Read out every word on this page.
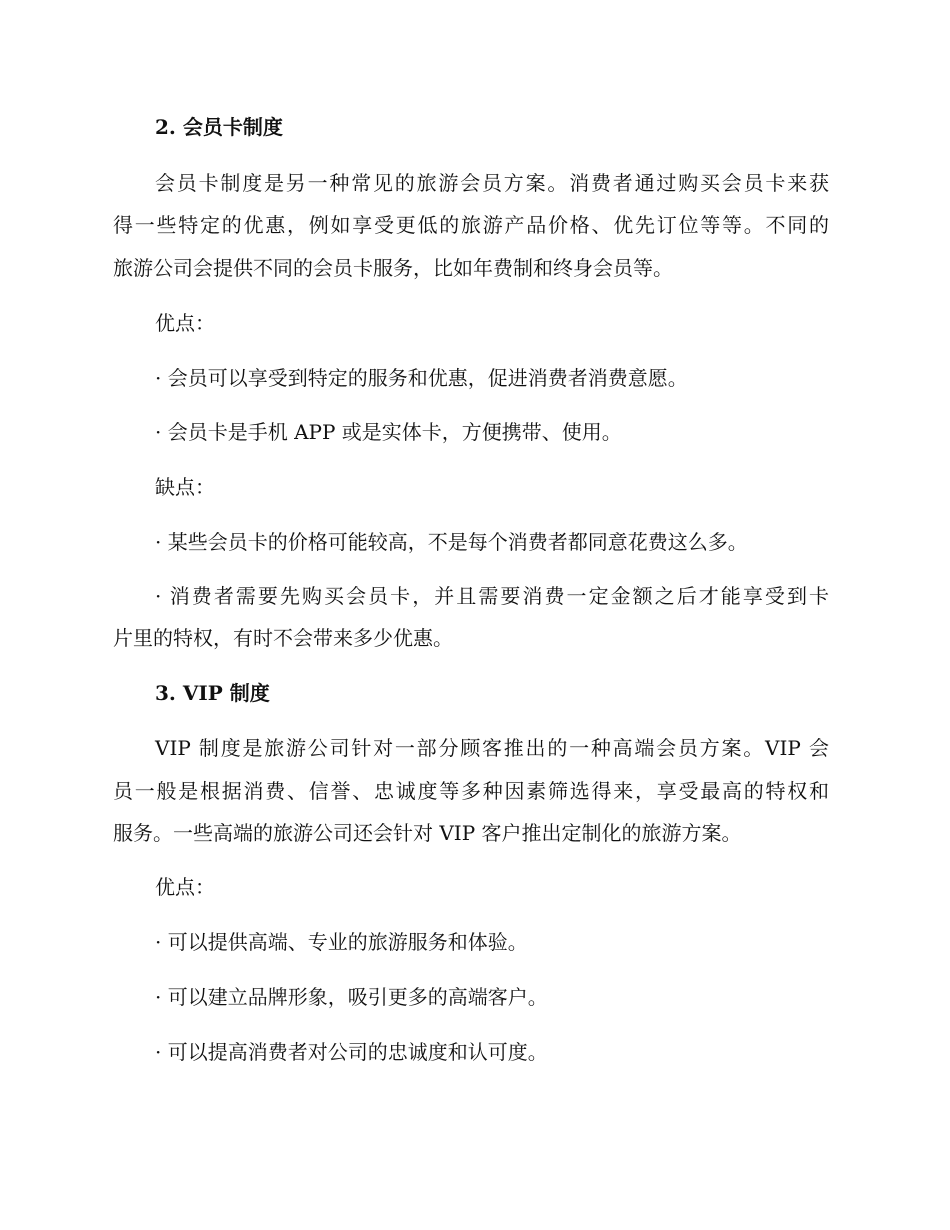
2. 会员卡制度
会员卡制度是另一种常见的旅游会员方案。消费者通过购买会员卡来获
得一些特定的优惠，例如享受更低的旅游产品价格、优先订位等等。不同的
旅游公司会提供不同的会员卡服务，比如年费制和终身会员等。
优点：
· 会员可以享受到特定的服务和优惠，促进消费者消费意愿。
· 会员卡是手机 APP 或是实体卡，方便携带、使用。
缺点：
· 某些会员卡的价格可能较高，不是每个消费者都同意花费这么多。
· 消费者需要先购买会员卡，并且需要消费一定金额之后才能享受到卡
片里的特权，有时不会带来多少优惠。
3. VIP 制度
VIP 制度是旅游公司针对一部分顾客推出的一种高端会员方案。VIP 会
员一般是根据消费、信誉、忠诚度等多种因素筛选得来，享受最高的特权和
服务。一些高端的旅游公司还会针对 VIP 客户推出定制化的旅游方案。
优点：
· 可以提供高端、专业的旅游服务和体验。
· 可以建立品牌形象，吸引更多的高端客户。
· 可以提高消费者对公司的忠诚度和认可度。
